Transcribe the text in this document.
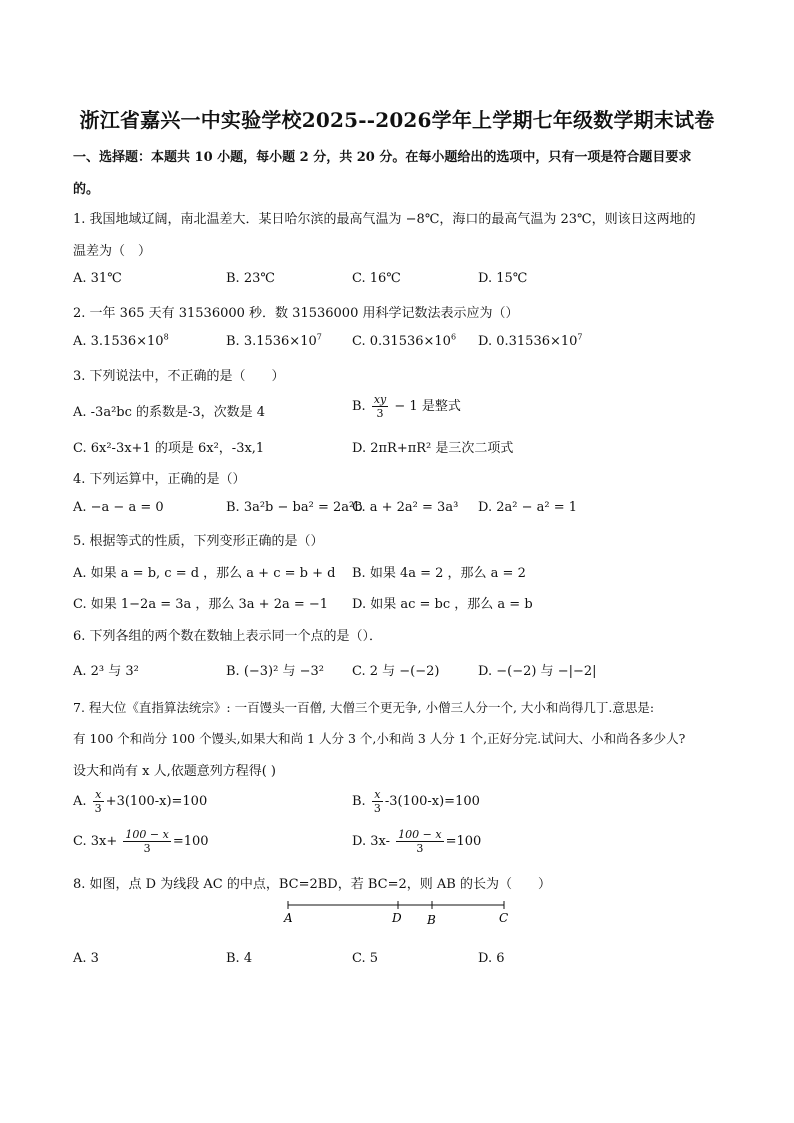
浙江省嘉兴一中实验学校2025--2026学年上学期七年级数学期末试卷
一、选择题：本题共 10 小题，每小题 2 分，共 20 分。在每小题给出的选项中，只有一项是符合题目要求
的。
1. 我国地域辽阔，南北温差大．某日哈尔滨的最高气温为 −8℃，海口的最高气温为 23℃，则该日这两地的
温差为（　）
A. 31℃	B. 23℃	C. 16℃	D. 15℃
2. 一年 365 天有 31536000 秒．数 31536000 用科学记数法表示应为（）
A. $3.1536\times 10^8$	B. $3.1536\times 10^7$ C. $0.31536\times 10^6$ D. $0.31536\times 10^7$
3. 下列说法中，不正确的是（　　）
A. -3a²bc 的系数是-3，次数是 4	B. $\frac{xy}{3} - 1$ 是整式
C. 6x²-3x+1 的项是 6x²，-3x,1	D. 2πR+πR² 是三次二项式
4. 下列运算中，正确的是（）
A. −a − a = 0	B. 3a²b − ba² = 2a²b
C. a + 2a² = 3a³ D. 2a² − a² = 1
5. 根据等式的性质，下列变形正确的是（）
A. 如果 a = b, c = d ，那么 a + c = b + d B. 如果 4a = 2 ，那么 a = 2
C. 如果 1−2a = 3a ，那么 3a + 2a = −1 D. 如果 ac = bc ，那么 a = b
6. 下列各组的两个数在数轴上表示同一个点的是（）．
A. 2³ 与 3²	B. (−3)² 与 −3² C. 2 与 −(−2)	D. −(−2) 与 −|−2|
7. 程大位《直指算法统宗》: 一百馒头一百僧, 大僧三个更无争, 小僧三人分一个, 大小和尚得几丁.意思是:
有 100 个和尚分 100 个馒头,如果大和尚 1 人分 3 个,小和尚 3 人分 1 个,正好分完.试问大、小和尚各多少人?
设大和尚有 x 人,依题意列方程得( )
A. $\frac{x}{3} +3(100-x)=100$	B. $\frac{x}{3} -3(100-x)=100$
C. $3x+ \frac{100 - x}{3} =100$	D. $3x- \frac{100 - x}{3} =100$
8. 如图，点 D 为线段 AC 的中点，BC=2BD，若 BC=2，则 AB 的长为（　　）
A	D B	C
A. 3	B. 4	C. 5	D. 6
